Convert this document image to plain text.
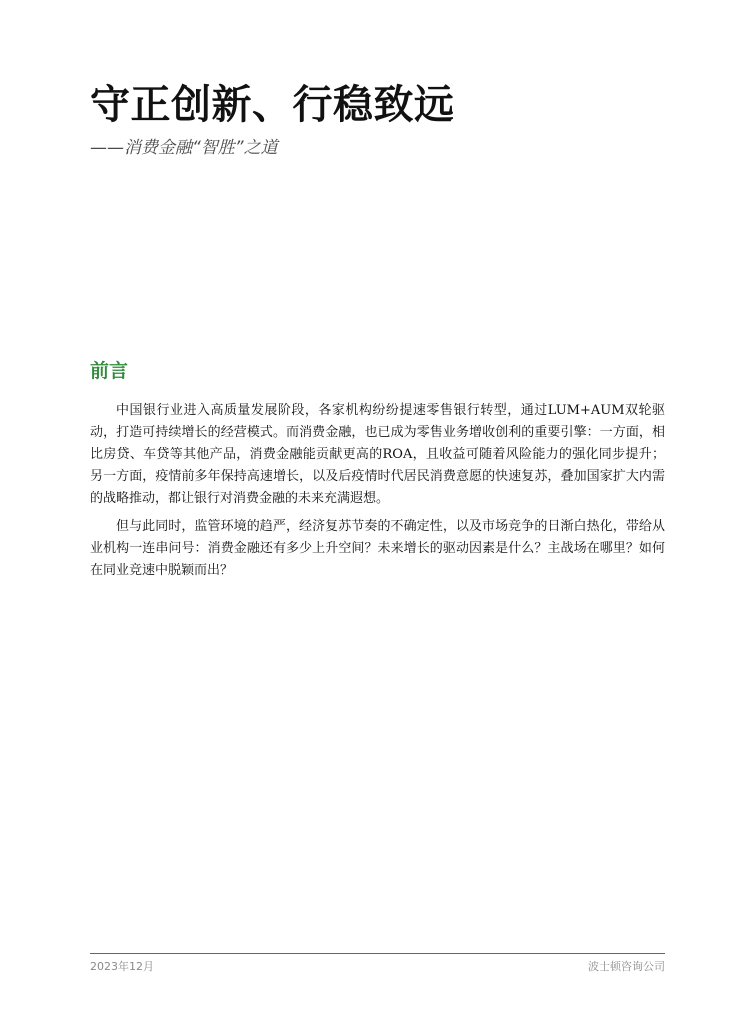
守正创新、行稳致远

——消费金融“智胜”之道

前言

中国银行业进入高质量发展阶段，各家机构纷纷提速零售银行转型，通过LUM+AUM双轮驱动，打造可持续增长的经营模式。而消费金融，也已成为零售业务增收创利的重要引擎：一方面，相比房贷、车贷等其他产品，消费金融能贡献更高的ROA，且收益可随着风险能力的强化同步提升；另一方面，疫情前多年保持高速增长，以及后疫情时代居民消费意愿的快速复苏，叠加国家扩大内需的战略推动，都让银行对消费金融的未来充满遐想。

但与此同时，监管环境的趋严，经济复苏节奏的不确定性，以及市场竞争的日渐白热化，带给从业机构一连串问号：消费金融还有多少上升空间？未来增长的驱动因素是什么？主战场在哪里？如何在同业竞速中脱颖而出？

2023年12月	波士顿咨询公司
